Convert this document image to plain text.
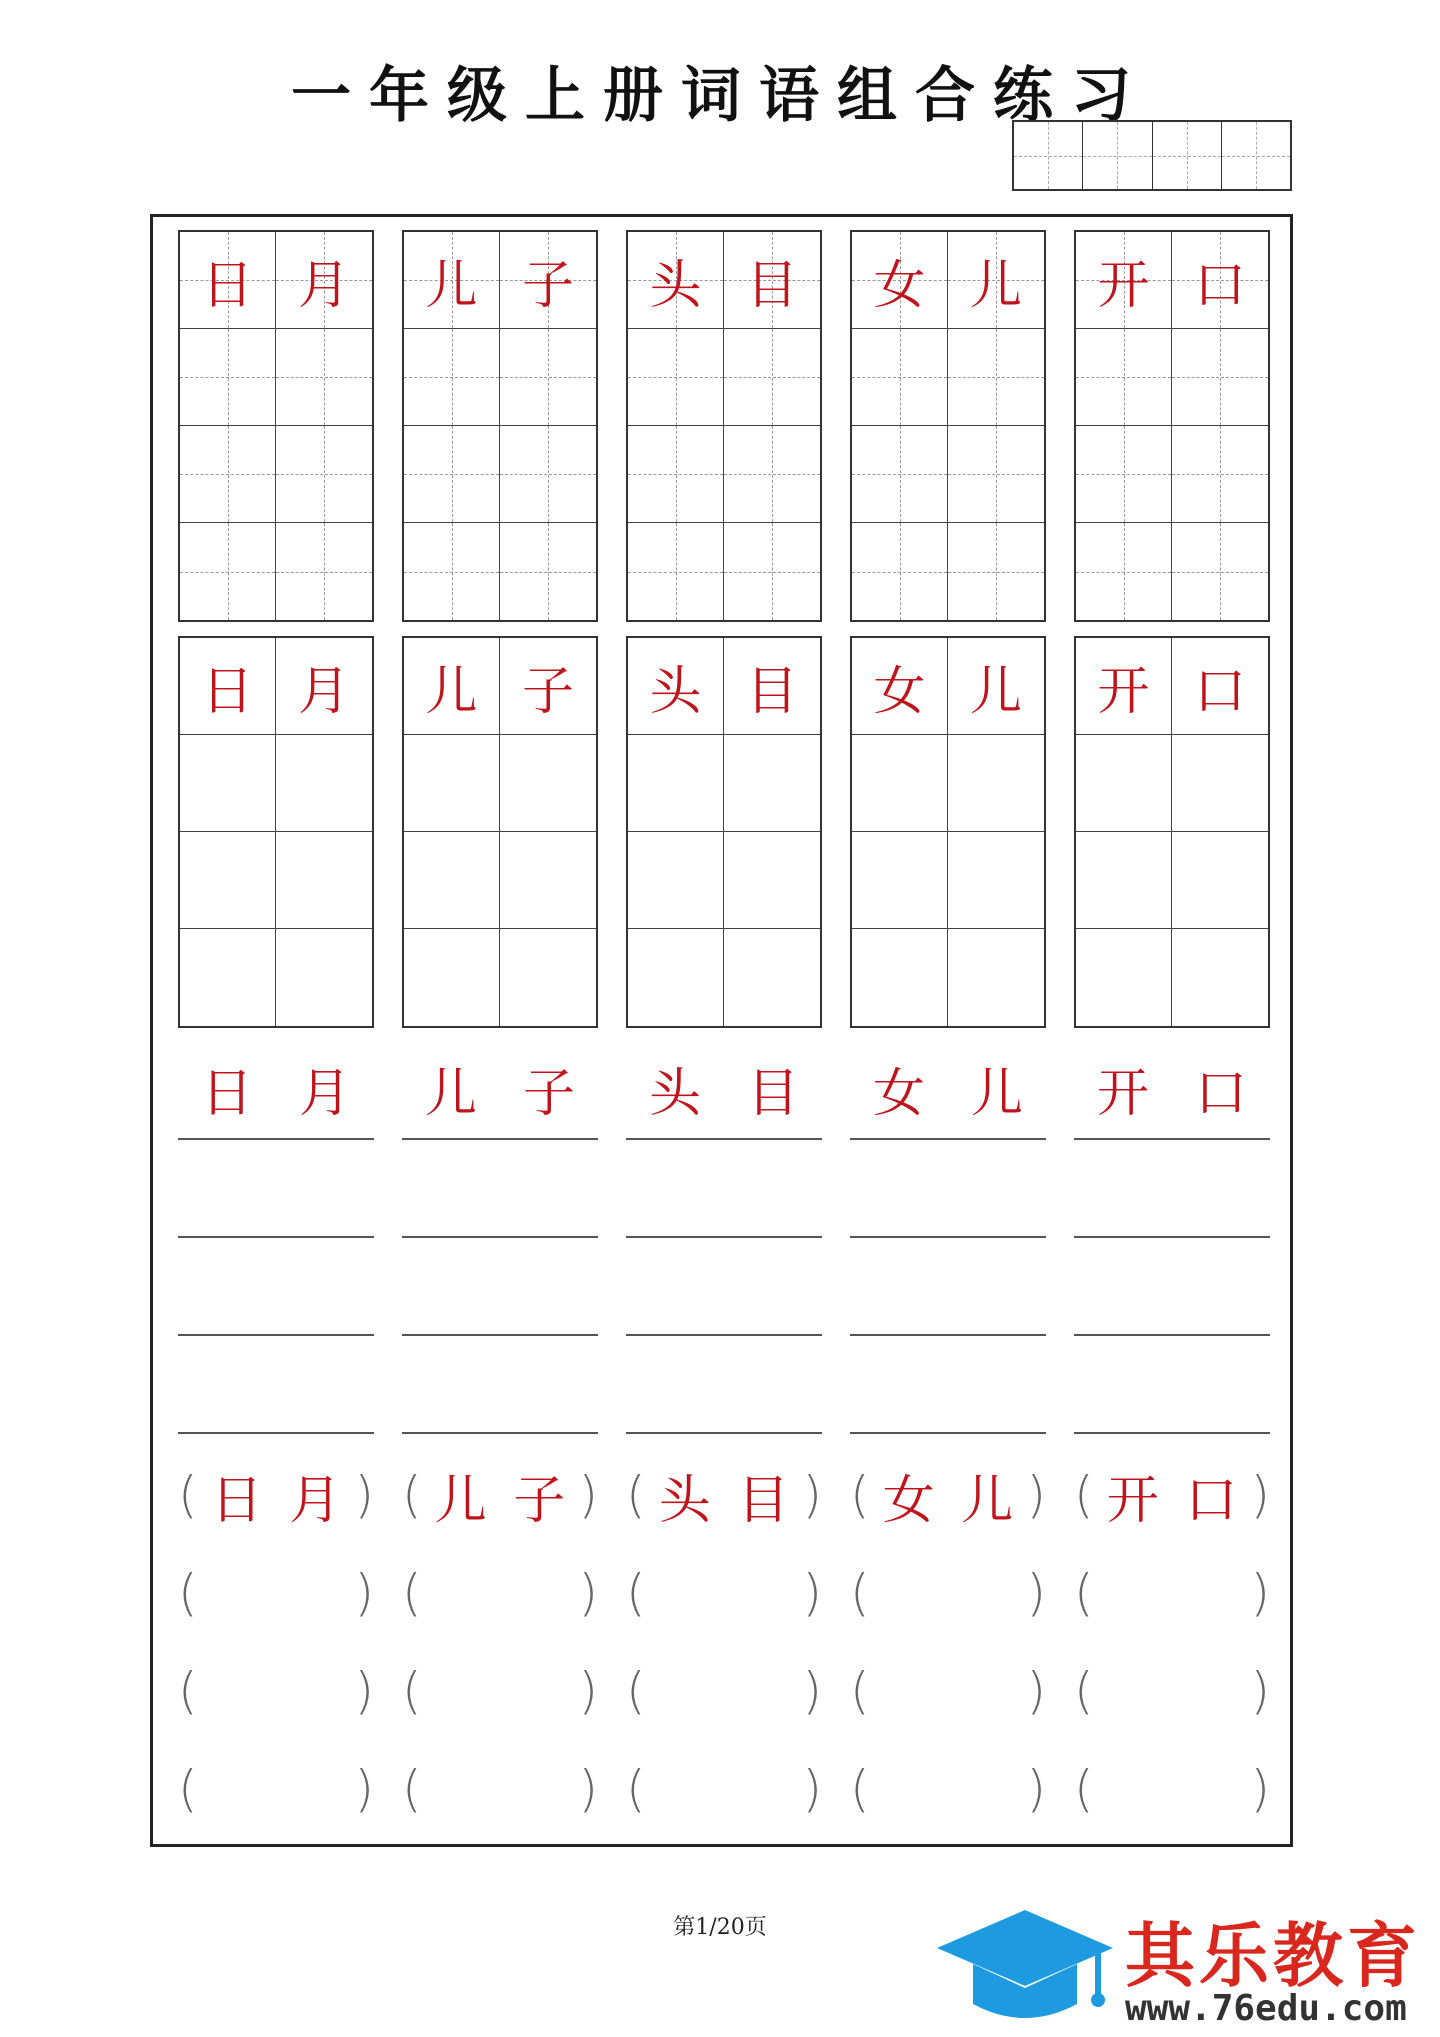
一年级上册词语组合练习
日 月
日 月
日 月
( 日 月 )
(	)
(	)
(	)
儿 子
儿 子
儿 子
( 儿 子 )
(	)
(	)
(	)
头 目
头 目
头 目
( 头 目 )
(	)
(	)
(	)
女 儿
女 儿
女 儿
( 女 儿 )
(	)
(	)
(	)
开 口
开 口
开 口
( 开 口 )
(	)
(	)
(	)
第1/20页	其乐教育
www.76edu.com
